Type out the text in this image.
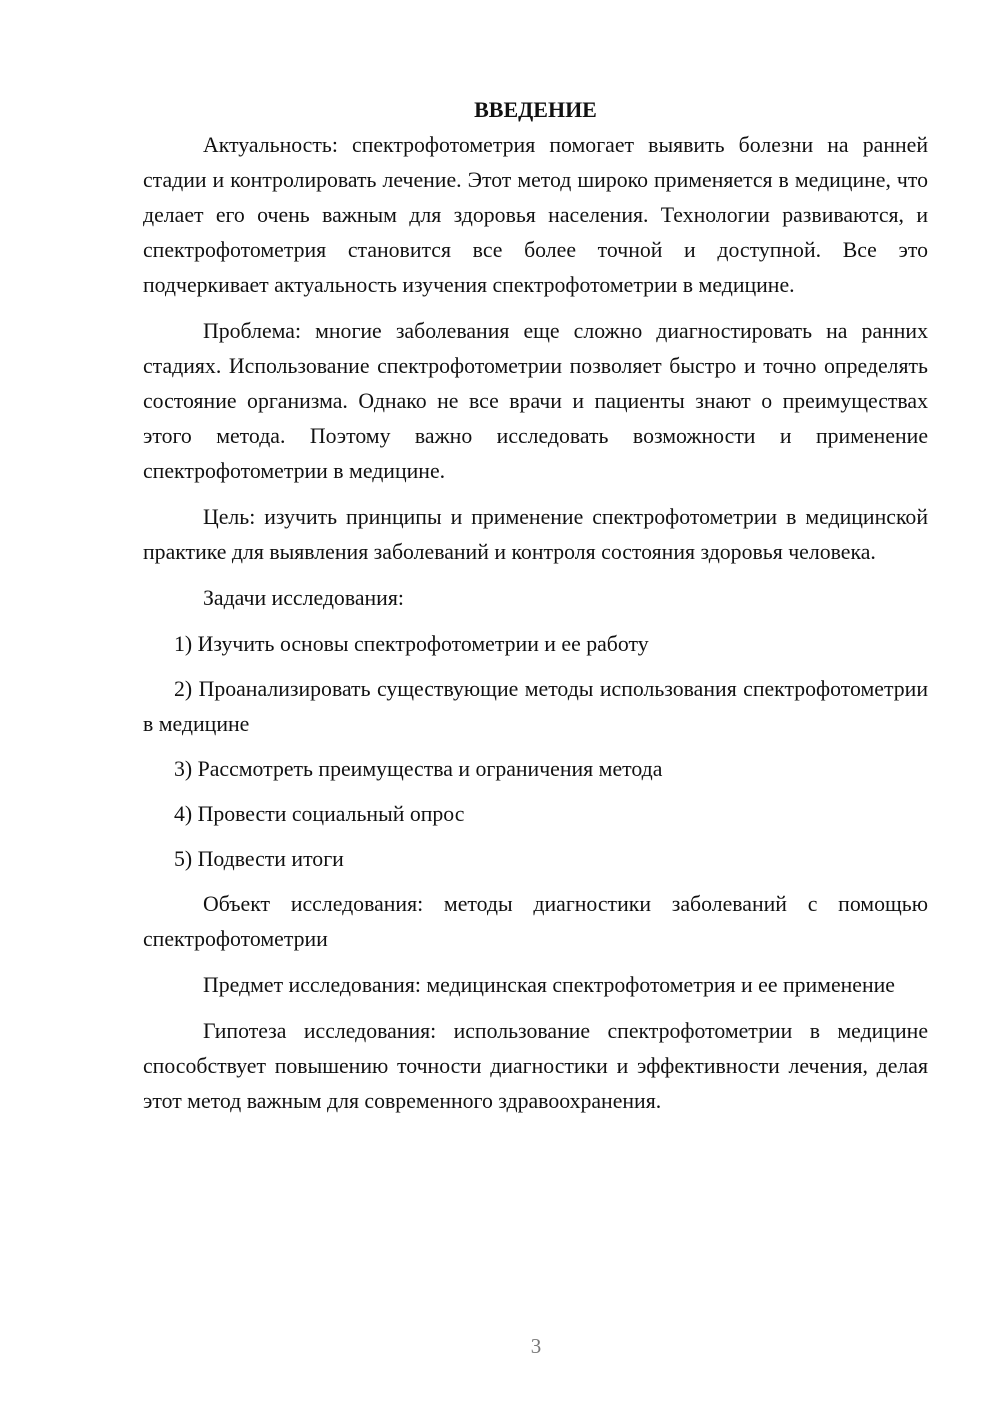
ВВЕДЕНИЕ

Актуальность: спектрофотометрия помогает выявить болезни на ранней стадии и контролировать лечение. Этот метод широко применяется в медицине, что делает его очень важным для здоровья населения. Технологии развиваются, и спектрофотометрия становится все более точной и доступной. Все это подчеркивает актуальность изучения спектрофотометрии в медицине.

Проблема: многие заболевания еще сложно диагностировать на ранних стадиях. Использование спектрофотометрии позволяет быстро и точно определять состояние организма. Однако не все врачи и пациенты знают о преимуществах этого метода. Поэтому важно исследовать возможности и применение спектрофотометрии в медицине.

Цель: изучить принципы и применение спектрофотометрии в медицинской практике для выявления заболеваний и контроля состояния здоровья человека.

Задачи исследования:

1) Изучить основы спектрофотометрии и ее работу

2) Проанализировать существующие методы использования спектрофотометрии в медицине

3) Рассмотреть преимущества и ограничения метода

4) Провести социальный опрос

5) Подвести итоги

Объект исследования: методы диагностики заболеваний с помощью спектрофотометрии

Предмет исследования: медицинская спектрофотометрия и ее применение

Гипотеза исследования: использование спектрофотометрии в медицине способствует повышению точности диагностики и эффективности лечения, делая этот метод важным для современного здравоохранения.

3
